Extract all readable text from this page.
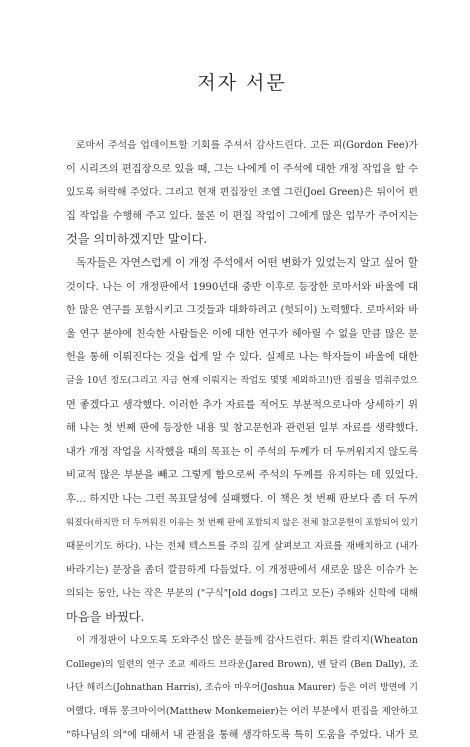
저자 서문
로마서 주석을 업데이트할 기회를 주셔서 감사드린다. 고든 피(Gordon Fee)가
이 시리즈의 편집장으로 있을 때, 그는 나에게 이 주석에 대한 개정 작업을 할 수
있도록 허락해 주었다. 그리고 현재 편집장인 조엘 그린(Joel Green)은 뒤이어 편
집 작업을 수행해 주고 있다. 물론 이 편집 작업이 그에게 많은 업무가 주어지는
것을 의미하겠지만 말이다.
독자들은 자연스럽게 이 개정 주석에서 어떤 변화가 있었는지 알고 싶어 할
것이다. 나는 이 개정판에서 1990년대 중반 이후로 등장한 로마서와 바울에 대
한 많은 연구를 포함시키고 그것들과 대화하려고 (헛되이) 노력했다. 로마서와 바
울 연구 분야에 친숙한 사람들은 이에 대한 연구가 헤아릴 수 없을 만큼 많은 문
헌을 통해 이뤄진다는 것을 쉽게 알 수 있다. 실제로 나는 학자들이 바울에 대한
글을 10년 정도(그리고 지금 현재 이뤄지는 작업도 몇몇 제외하고!)만 집필을 멈춰주었으
면 좋겠다고 생각했다. 이러한 추가 자료를 적어도 부분적으로나마 상세하기 위
해 나는 첫 번째 판에 등장한 내용 및 참고문헌과 관련된 일부 자료를 생략했다.
내가 개정 작업을 시작했을 때의 목표는 이 주석의 두께가 더 두꺼워지지 않도록
비교적 많은 부분을 빼고 그렇게 함으로써 주석의 두께를 유지하는 데 있었다.
후… 하지만 나는 그런 목표달성에 실패했다. 이 책은 첫 번째 판보다 좀 더 두꺼
워졌다(하지만 더 두꺼워진 이유는 첫 번째 판에 포함되지 않은 전체 참고문헌이 포함되어 있기
때문이기도 하다). 나는 전체 텍스트를 주의 깊게 살펴보고 자료를 재배치하고 (내가
바라기는) 문장을 좀더 깔끔하게 다듬었다. 이 개정판에서 새로운 많은 이슈가 논
의되는 동안, 나는 작은 부분의 ("구식"[old dogs] 그리고 모든) 주해와 신학에 대해
마음을 바꿨다.
이 개정판이 나오도록 도와주신 많은 분들께 감사드린다. 휘튼 칼리지(Wheaton
College)의 일련의 연구 조교 제라드 브라운(Jared Brown), 벤 달리 (Ben Dally), 조
나단 해리스(Johnathan Harris), 조슈아 마우어(Joshua Maurer) 등은 여러 방면에 기
여했다. 매튜 몽크마이어(Matthew Monkemeier)는 여러 부분에서 편집을 제안하고
"하나님의 의"에 대해서 내 관점을 통해 생각하도록 특히 도움을 주었다. 내가 로
